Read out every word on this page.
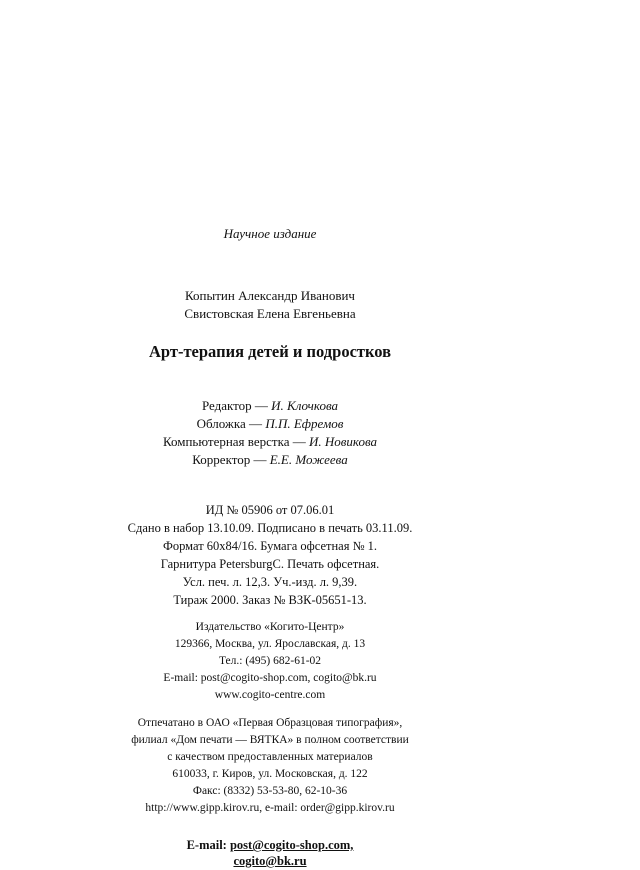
Научное издание
Копытин Александр Иванович
Свистовская Елена Евгеньевна
Арт-терапия детей и подростков
Редактор — И. Клочкова
Обложка — П.П. Ефремов
Компьютерная верстка — И. Новикова
Корректор — Е.Е. Можеева
ИД № 05906 от 07.06.01
Сдано в набор 13.10.09. Подписано в печать 03.11.09.
Формат 60х84/16. Бумага офсетная № 1.
Гарнитура PetersburgC. Печать офсетная.
Усл. печ. л. 12,3. Уч.-изд. л. 9,39.
Тираж 2000. Заказ № ВЗК-05651-13.
Издательство «Когито-Центр»
129366, Москва, ул. Ярославская, д. 13
Тел.: (495) 682-61-02
E-mail: post@cogito-shop.com, cogito@bk.ru
www.cogito-centre.com
Отпечатано в ОАО «Первая Образцовая типография»,
филиал «Дом печати — ВЯТКА» в полном соответствии
с качеством предоставленных материалов
610033, г. Киров, ул. Московская, д. 122
Факс: (8332) 53-53-80, 62-10-36
http://www.gipp.kirov.ru, e-mail: order@gipp.kirov.ru
E-mail: post@cogito-shop.com,
cogito@bk.ru
